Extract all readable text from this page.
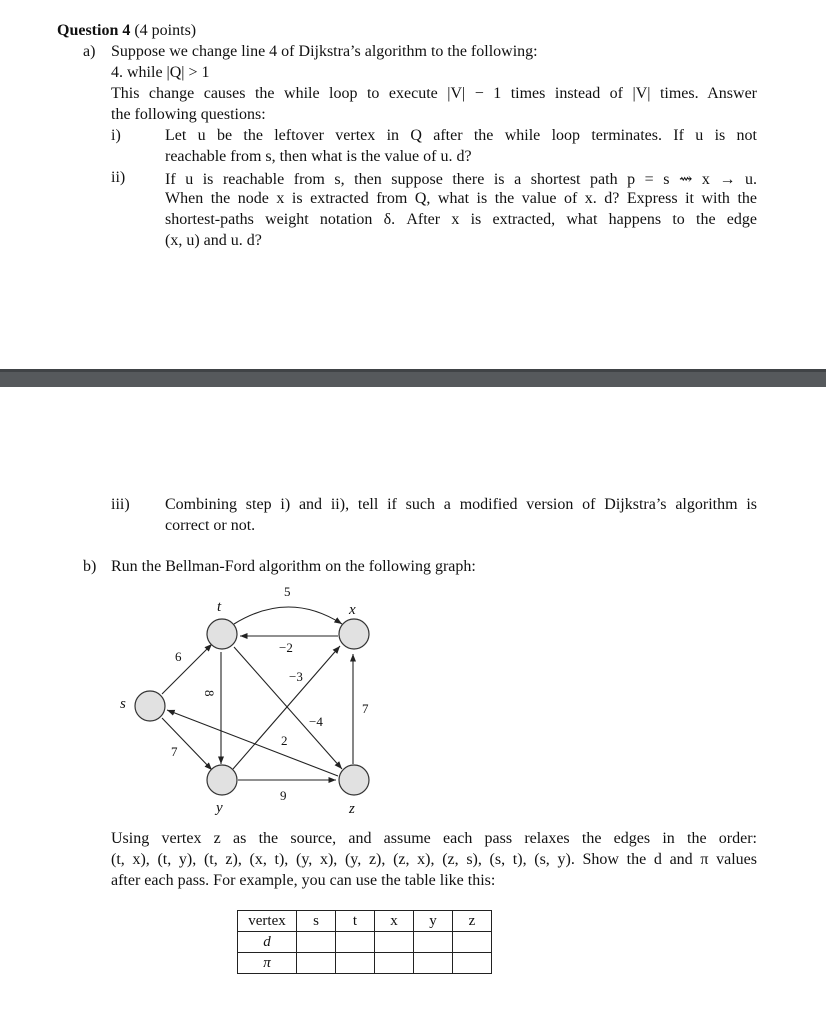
Question 4 (4 points)
a) Suppose we change line 4 of Dijkstra’s algorithm to the following:
4. while |Q| > 1
This change causes the while loop to execute |V| − 1 times instead of |V| times. Answer
the following questions:
i)	Let u be the leftover vertex in Q after the while loop terminates. If u is not
reachable from s, then what is the value of u. d?
ii) If u is reachable from s, then suppose there is a shortest path p = s ⇝ x → u.
When the node x is extracted from Q, what is the value of x. d? Express it with the
shortest-paths weight notation δ. After x is extracted, what happens to the edge
(x, u) and u. d?
iii) Combining step i) and ii), tell if such a modified version of Dijkstra’s algorithm is
correct or not.
b) Run the Bellman-Ford algorithm on the following graph:
s
t	x
y	z
5
−2
−3
7
−4
2
6
8
7
9
Using vertex z as the source, and assume each pass relaxes the edges in the order:
(t, x), (t, y), (t, z), (x, t), (y, x), (y, z), (z, x), (z, s), (s, t), (s, y). Show the d and π values
after each pass. For example, you can use the table like this:
vertex	s	t	x	y	z
d					
π					
